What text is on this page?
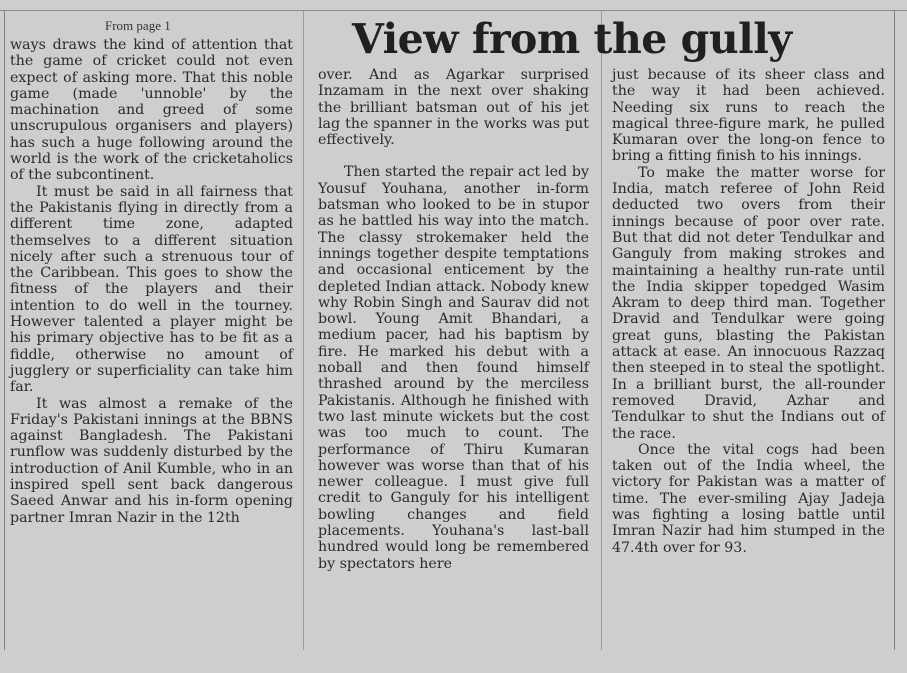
From page 1	View from the gully

ways draws the kind of attention that the game of cricket could not even expect of asking more. That this noble game (made 'unnoble' by the machination and greed of some unscrupulous organisers and players) has such a huge following around the world is the work of the cricketaholics of the subcontinent.

It must be said in all fairness that the Pakistanis flying in directly from a different time zone, adapted themselves to a different situation nicely after such a strenuous tour of the Caribbean. This goes to show the fitness of the players and their intention to do well in the tourney. However talented a player might be his primary objective has to be fit as a fiddle, otherwise no amount of jugglery or superficiality can take him far.

It was almost a remake of the Friday's Pakistani innings at the BBNS against Bangladesh. The Pakistani runflow was suddenly disturbed by the introduction of Anil Kumble, who in an inspired spell sent back dangerous Saeed Anwar and his in-form opening partner Imran Nazir in the 12th

over. And as Agarkar surprised Inzamam in the next over shaking the brilliant batsman out of his jet lag the spanner in the works was put effectively.

Then started the repair act led by Yousuf Youhana, another in-form batsman who looked to be in stupor as he battled his way into the match. The classy strokemaker held the innings together despite temptations and occasional enticement by the depleted Indian attack. Nobody knew why Robin Singh and Saurav did not bowl. Young Amit Bhandari, a medium pacer, had his baptism by fire. He marked his debut with a noball and then found himself thrashed around by the merciless Pakistanis. Although he finished with two last minute wickets but the cost was too much to count. The performance of Thiru Kumaran however was worse than that of his newer colleague. I must give full credit to Ganguly for his intelligent bowling changes and field placements. Youhana's last-ball hundred would long be remembered by spectators here

just because of its sheer class and the way it had been achieved. Needing six runs to reach the magical three-figure mark, he pulled Kumaran over the long-on fence to bring a fitting finish to his innings.

To make the matter worse for India, match referee of John Reid deducted two overs from their innings because of poor over rate. But that did not deter Tendulkar and Ganguly from making strokes and maintaining a healthy run-rate until the India skipper topedged Wasim Akram to deep third man. Together Dravid and Tendulkar were going great guns, blasting the Pakistan attack at ease. An innocuous Razzaq then steeped in to steal the spotlight. In a brilliant burst, the all-rounder removed Dravid, Azhar and Tendulkar to shut the Indians out of the race.

Once the vital cogs had been taken out of the India wheel, the victory for Pakistan was a matter of time. The ever-smiling Ajay Jadeja was fighting a losing battle until Imran Nazir had him stumped in the 47.4th over for 93.
